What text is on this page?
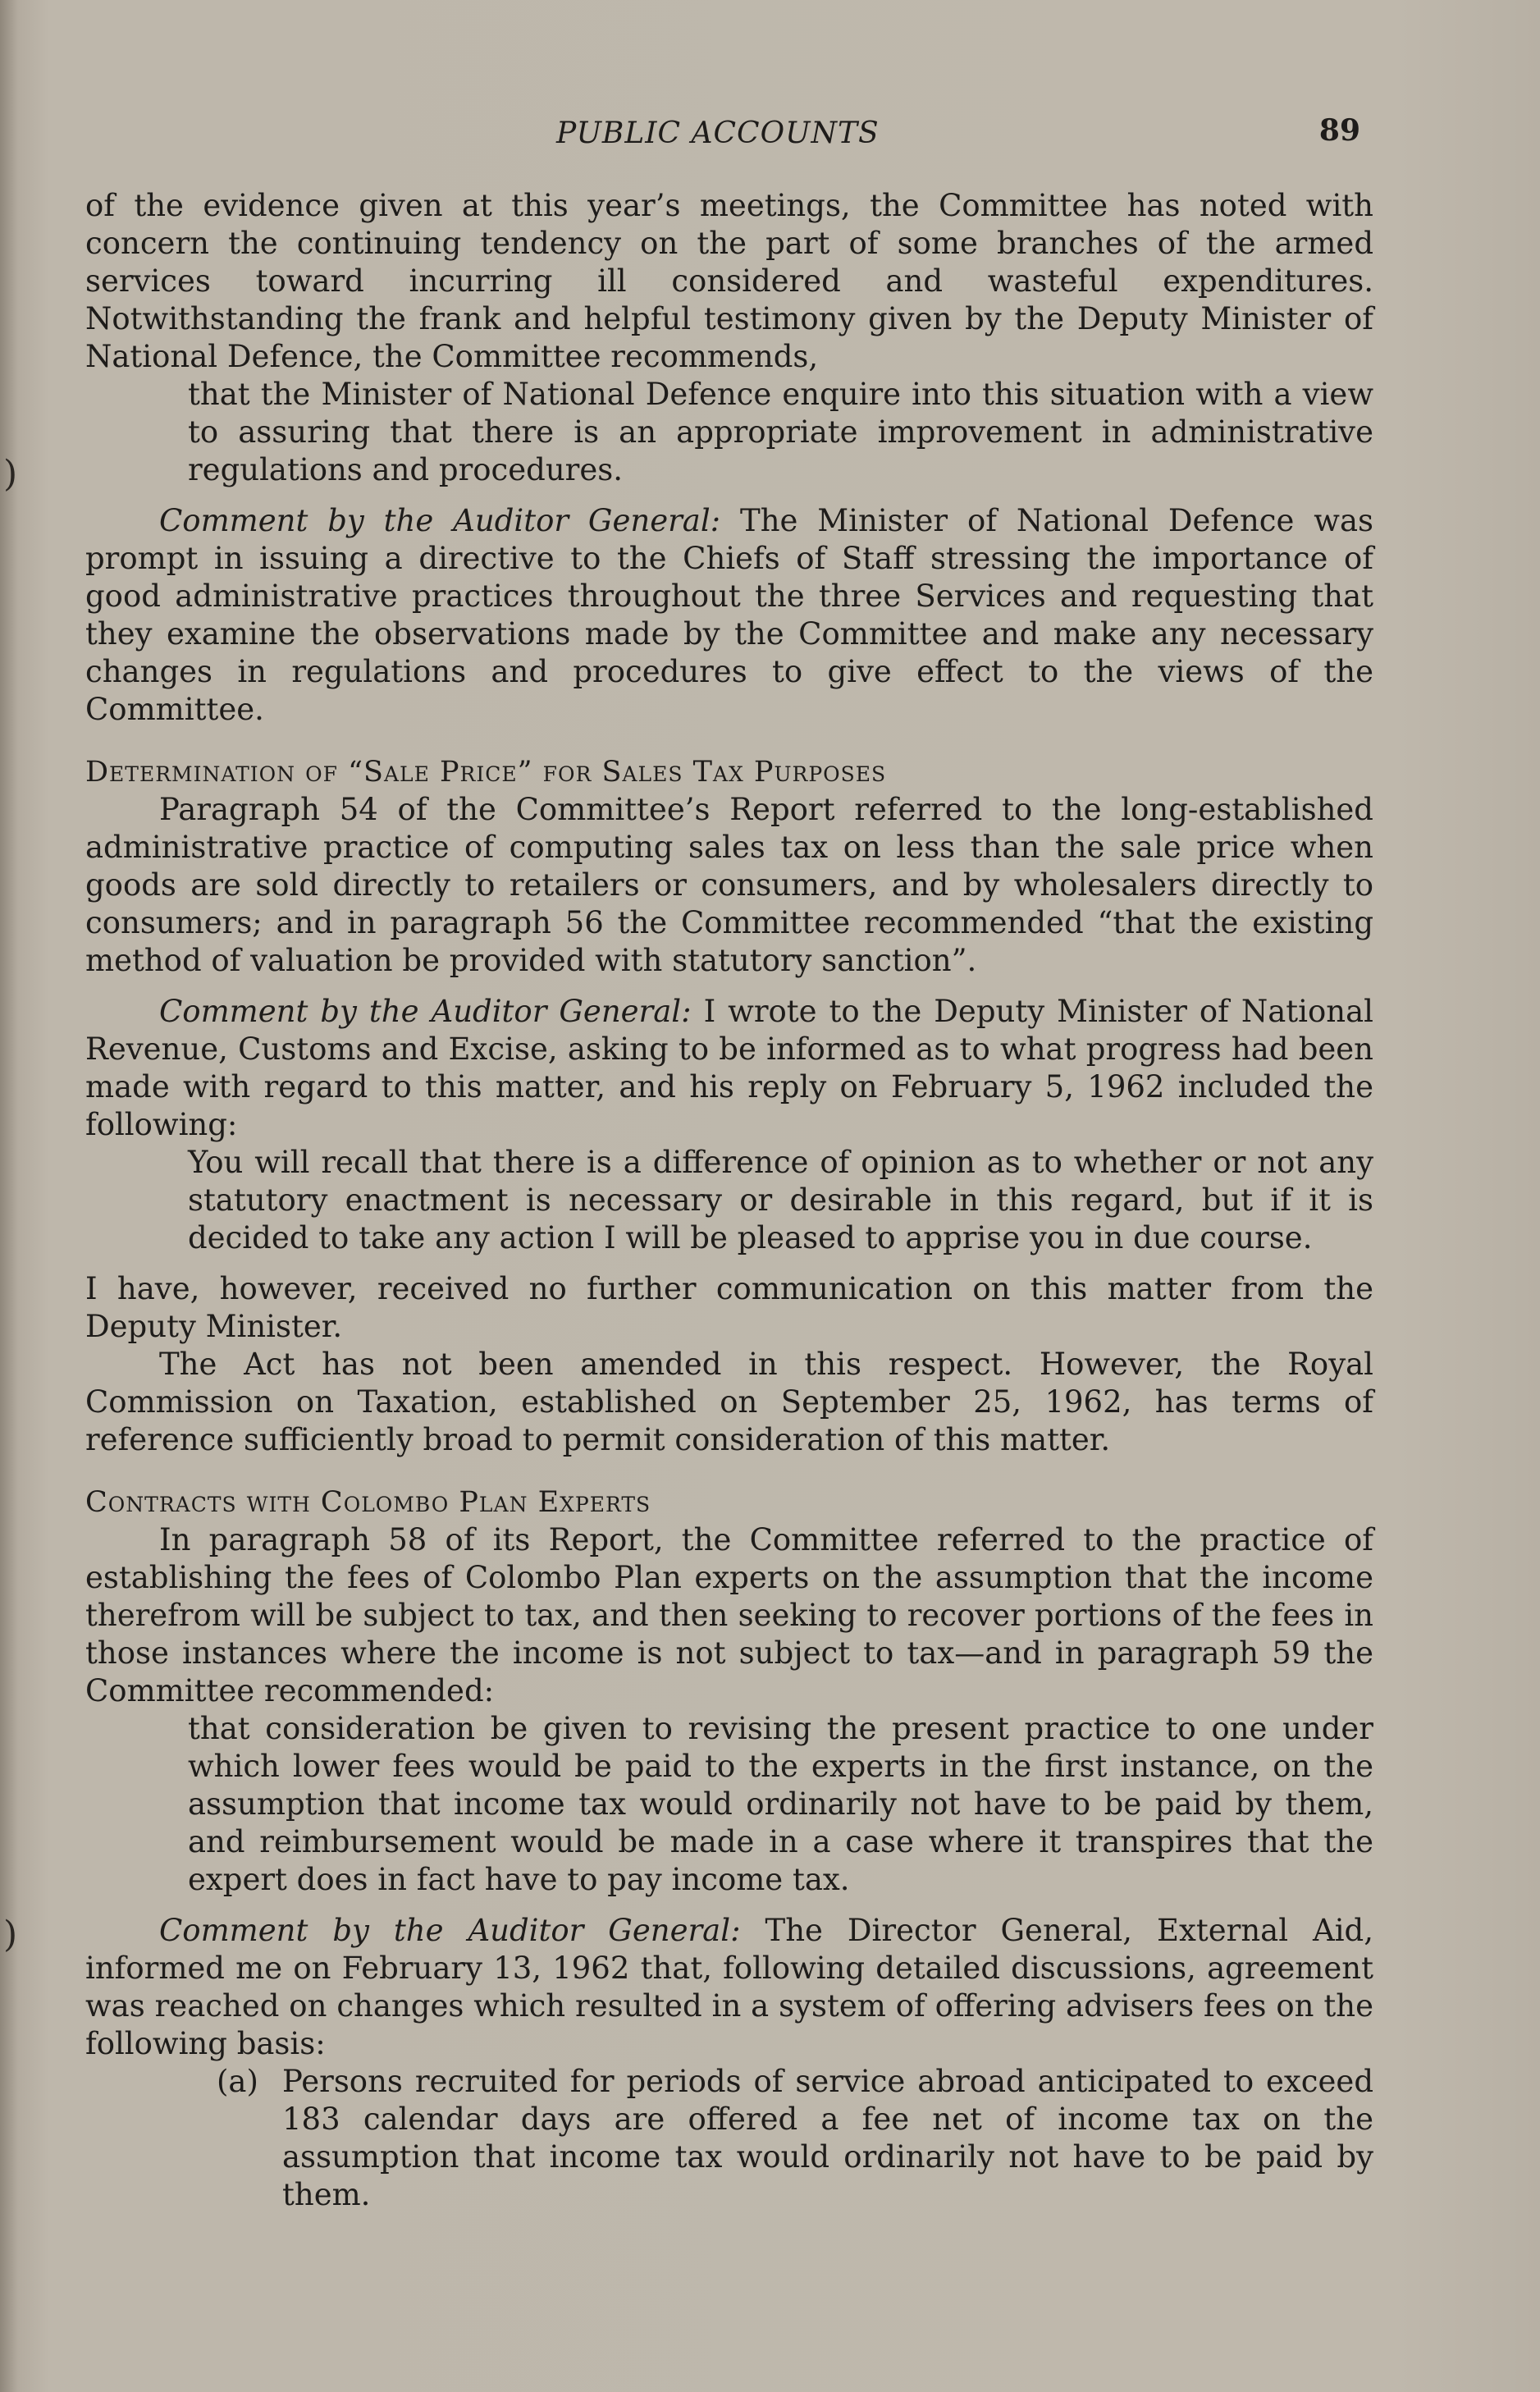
)
)
PUBLIC ACCOUNTS	89

of the evidence given at this year’s meetings, the Committee has noted with concern the continuing tendency on the part of some branches of the armed services toward incurring ill considered and wasteful expenditures. Notwithstanding the frank and helpful testimony given by the Deputy Minister of National Defence, the Committee recommends,

that the Minister of National Defence enquire into this situation with a view to assuring that there is an appropriate improvement in administrative regulations and procedures.

Comment by the Auditor General: The Minister of National Defence was prompt in issuing a directive to the Chiefs of Staff stressing the importance of good administrative practices throughout the three Services and requesting that they examine the observations made by the Committee and make any necessary changes in regulations and procedures to give effect to the views of the Committee.

Determination of “Sale Price” for Sales Tax Purposes

Paragraph 54 of the Committee’s Report referred to the long-established administrative practice of computing sales tax on less than the sale price when goods are sold directly to retailers or consumers, and by wholesalers directly to consumers; and in paragraph 56 the Committee recommended “that the existing method of valuation be provided with statutory sanction”.

Comment by the Auditor General: I wrote to the Deputy Minister of National Revenue, Customs and Excise, asking to be informed as to what progress had been made with regard to this matter, and his reply on February 5, 1962 included the following:

You will recall that there is a difference of opinion as to whether or not any statutory enactment is necessary or desirable in this regard, but if it is decided to take any action I will be pleased to apprise you in due course.

I have, however, received no further communication on this matter from the Deputy Minister.

The Act has not been amended in this respect. However, the Royal Commission on Taxation, established on September 25, 1962, has terms of reference sufficiently broad to permit consideration of this matter.

Contracts with Colombo Plan Experts

In paragraph 58 of its Report, the Committee referred to the practice of establishing the fees of Colombo Plan experts on the assumption that the income therefrom will be subject to tax, and then seeking to recover portions of the fees in those instances where the income is not subject to tax—and in paragraph 59 the Committee recommended:

that consideration be given to revising the present practice to one under which lower fees would be paid to the experts in the first instance, on the assumption that income tax would ordinarily not have to be paid by them, and reimbursement would be made in a case where it transpires that the expert does in fact have to pay income tax.

Comment by the Auditor General: The Director General, External Aid, informed me on February 13, 1962 that, following detailed discussions, agreement was reached on changes which resulted in a system of offering advisers fees on the following basis:

(a) Persons recruited for periods of service abroad anticipated to exceed 183 calendar days are offered a fee net of income tax on the assumption that income tax would ordinarily not have to be paid by them.
